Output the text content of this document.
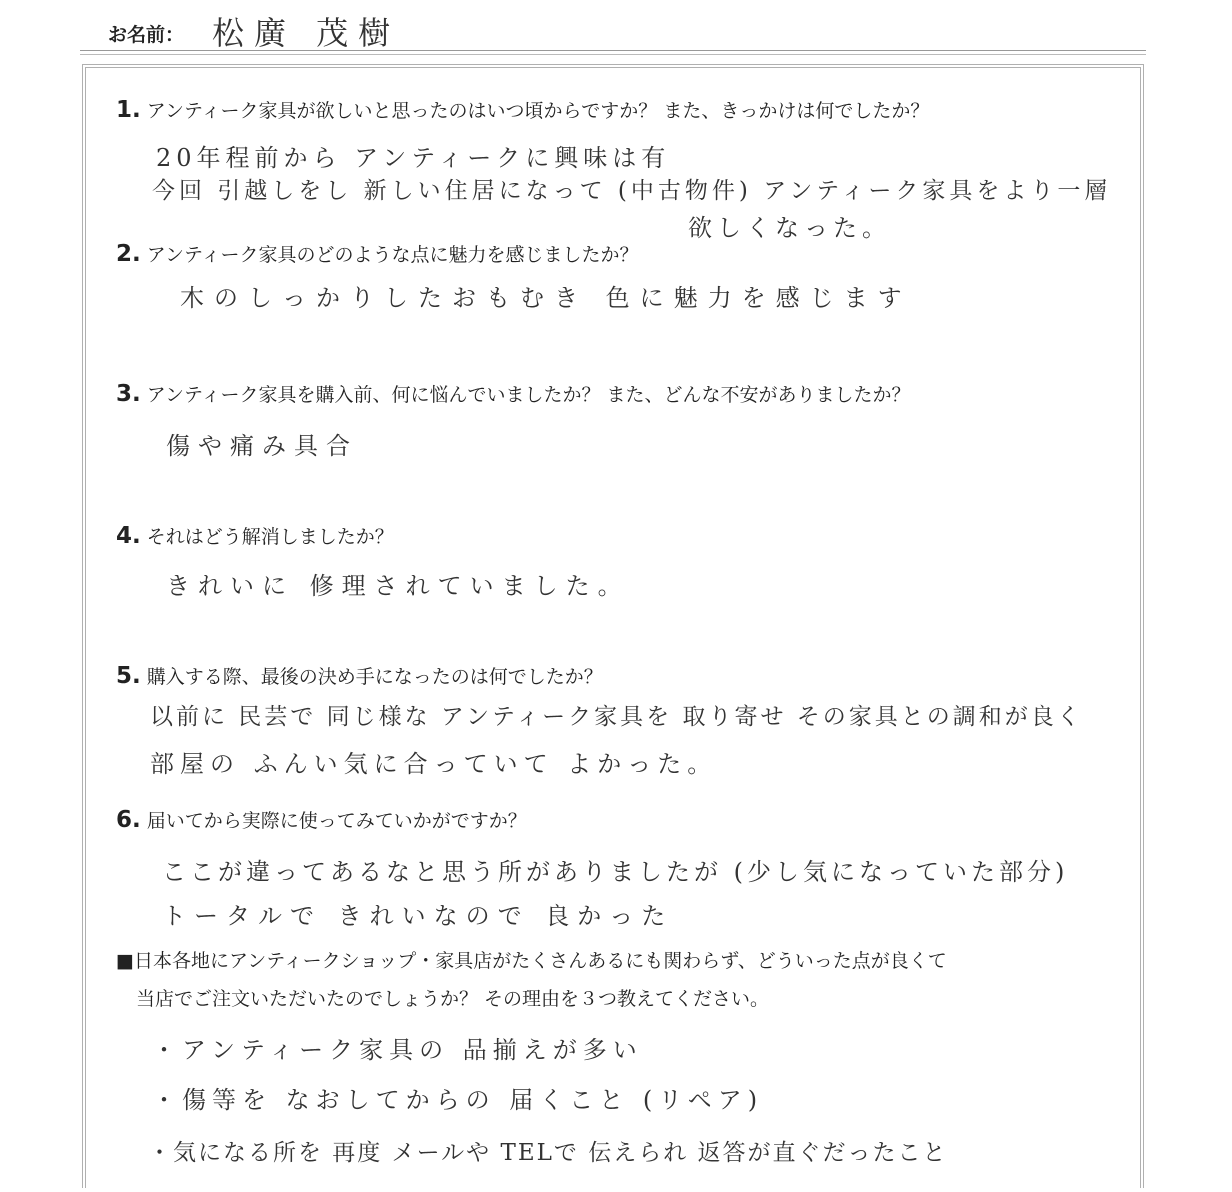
お名前： 松廣 茂樹
1. アンティーク家具が欲しいと思ったのはいつ頃からですか？ また、きっかけは何でしたか？
20年程前から アンティークに興味は有
今回 引越しをし 新しい住居になって (中古物件) アンティーク家具をより一層
欲しくなった。
2. アンティーク家具のどのような点に魅力を感じましたか？
木のしっかりしたおもむき 色に魅力を感じます
3. アンティーク家具を購入前、何に悩んでいましたか？ また、どんな不安がありましたか？
傷や痛み具合
4. それはどう解消しましたか？
きれいに 修理されていました。
5. 購入する際、最後の決め手になったのは何でしたか？
以前に 民芸で 同じ様な アンティーク家具を 取り寄せ その家具との調和が良く
部屋の ふんい気に合っていて よかった。
6. 届いてから実際に使ってみていかがですか？
ここが違ってあるなと思う所がありましたが (少し気になっていた部分)
トータルで きれいなので 良かった
■日本各地にアンティークショップ・家具店がたくさんあるにも関わらず、どういった点が良くて
当店でご注文いただいたのでしょうか？ その理由を３つ教えてください。
・アンティーク家具の 品揃えが多い
・傷等を なおしてからの 届くこと (リペア)
・気になる所を 再度 メールや TELで 伝えられ 返答が直ぐだったこと
